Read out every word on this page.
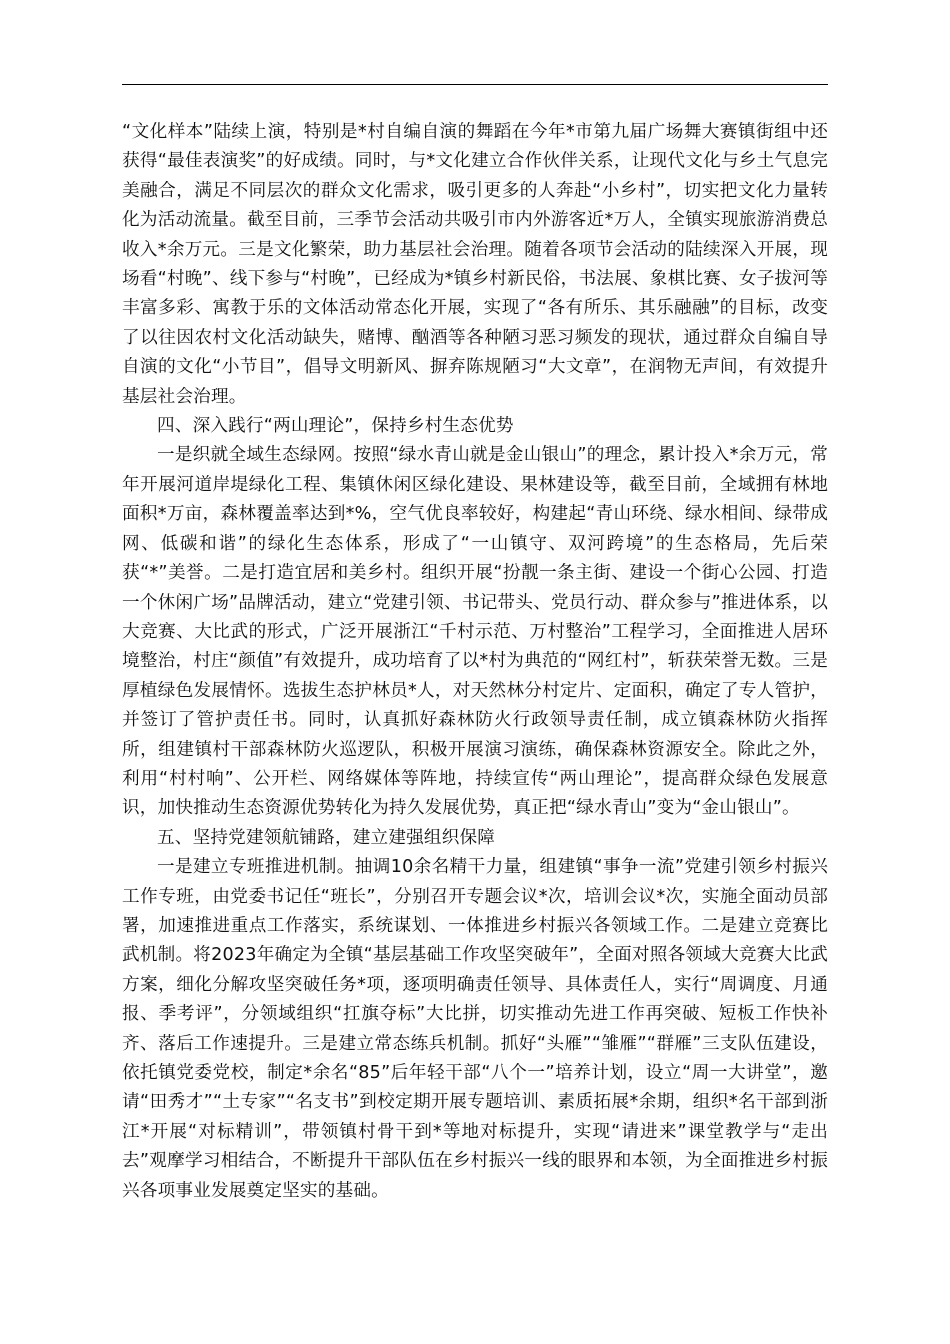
“文化样本”陆续上演，特别是*村自编自演的舞蹈在今年*市第九届广场舞大赛镇街组中还获得“最佳表演奖”的好成绩。同时，与*文化建立合作伙伴关系，让现代文化与乡土气息完美融合，满足不同层次的群众文化需求，吸引更多的人奔赴“小乡村”，切实把文化力量转化为活动流量。截至目前，三季节会活动共吸引市内外游客近*万人，全镇实现旅游消费总收入*余万元。三是文化繁荣，助力基层社会治理。随着各项节会活动的陆续深入开展，现场看“村晚”、线下参与“村晚”，已经成为*镇乡村新民俗，书法展、象棋比赛、女子拔河等丰富多彩、寓教于乐的文体活动常态化开展，实现了“各有所乐、其乐融融”的目标，改变了以往因农村文化活动缺失，赌博、酗酒等各种陋习恶习频发的现状，通过群众自编自导自演的文化“小节目”，倡导文明新风、摒弃陈规陋习“大文章”，在润物无声间，有效提升基层社会治理。

四、深入践行“两山理论”，保持乡村生态优势

一是织就全域生态绿网。按照“绿水青山就是金山银山”的理念，累计投入*余万元，常年开展河道岸堤绿化工程、集镇休闲区绿化建设、果林建设等，截至目前，全域拥有林地面积*万亩，森林覆盖率达到*%，空气优良率较好，构建起“青山环绕、绿水相间、绿带成网、低碳和谐”的绿化生态体系，形成了“一山镇守、双河跨境”的生态格局，先后荣获“*”美誉。二是打造宜居和美乡村。组织开展“扮靓一条主街、建设一个街心公园、打造一个休闲广场”品牌活动，建立“党建引领、书记带头、党员行动、群众参与”推进体系，以大竞赛、大比武的形式，广泛开展浙江“千村示范、万村整治”工程学习，全面推进人居环境整治，村庄“颜值”有效提升，成功培育了以*村为典范的“网红村”，斩获荣誉无数。三是厚植绿色发展情怀。选拔生态护林员*人，对天然林分村定片、定面积，确定了专人管护，并签订了管护责任书。同时，认真抓好森林防火行政领导责任制，成立镇森林防火指挥所，组建镇村干部森林防火巡逻队，积极开展演习演练，确保森林资源安全。除此之外，利用“村村响”、公开栏、网络媒体等阵地，持续宣传“两山理论”，提高群众绿色发展意识，加快推动生态资源优势转化为持久发展优势，真正把“绿水青山”变为“金山银山”。

五、坚持党建领航铺路，建立建强组织保障

一是建立专班推进机制。抽调10余名精干力量，组建镇“事争一流”党建引领乡村振兴工作专班，由党委书记任“班长”，分别召开专题会议*次，培训会议*次，实施全面动员部署，加速推进重点工作落实，系统谋划、一体推进乡村振兴各领域工作。二是建立竞赛比武机制。将2023年确定为全镇“基层基础工作攻坚突破年”，全面对照各领域大竞赛大比武方案，细化分解攻坚突破任务*项，逐项明确责任领导、具体责任人，实行“周调度、月通报、季考评”，分领域组织“扛旗夺标”大比拼，切实推动先进工作再突破、短板工作快补齐、落后工作速提升。三是建立常态练兵机制。抓好“头雁”“雏雁”“群雁”三支队伍建设，依托镇党委党校，制定*余名“85”后年轻干部“八个一”培养计划，设立“周一大讲堂”，邀请“田秀才”“土专家”“名支书”到校定期开展专题培训、素质拓展*余期，组织*名干部到浙江*开展“对标精训”，带领镇村骨干到*等地对标提升，实现“请进来”课堂教学与“走出去”观摩学习相结合，不断提升干部队伍在乡村振兴一线的眼界和本领，为全面推进乡村振兴各项事业发展奠定坚实的基础。
